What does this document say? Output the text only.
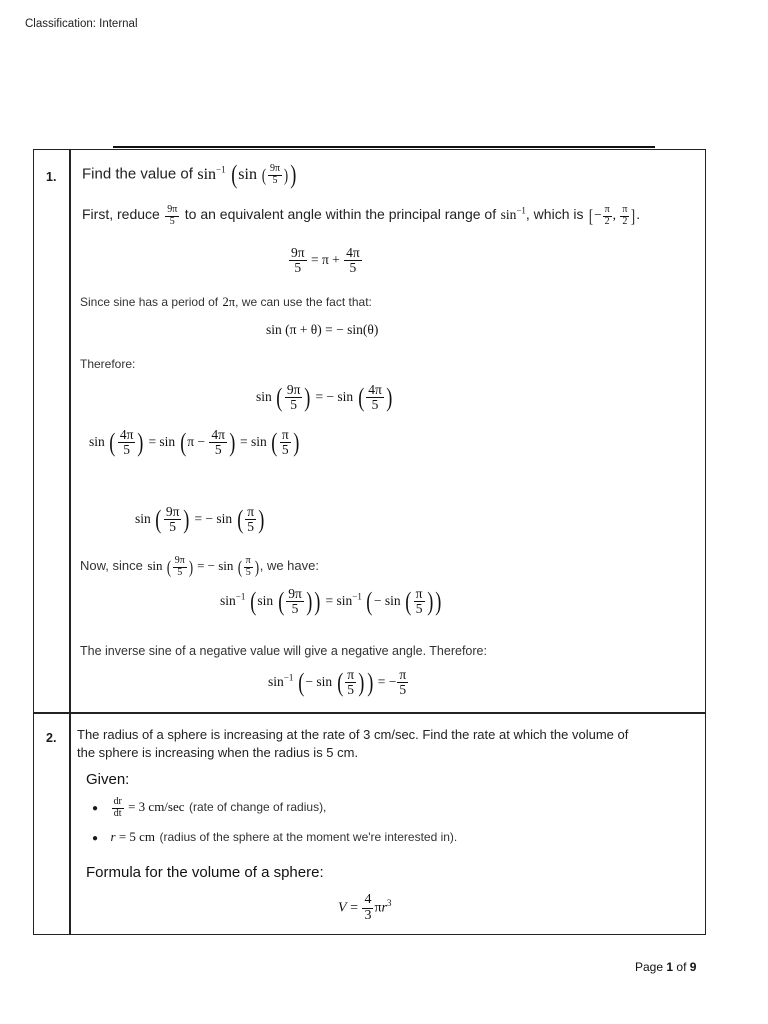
Classification: Internal
1. Find the value of $\sin^{-1} (\sin$ ( $\frac{9\pi}{5}$ ))
First, reduce $\frac{9\pi}{5}$ to an equivalent angle within the principal range of $\sin^{-1}$, which is [− $\frac{\pi}{2}$ , $\frac{\pi}{2}$ ].
$\frac{9\pi}{5} = \pi + \frac{4\pi}{5}$
Since sine has a period of 2π, we can use the fact that:
sin (π + θ) = − sin(θ)
Therefore:
sin ( $\frac{9\pi}{5}$ ) = − sin ( $\frac{4\pi}{5}$ )
sin ( $\frac{4\pi}{5}$ ) = $\sin (\pi - \frac{4\pi}{5}$ ) = sin ( $\frac{\pi}{5}$ )
sin ( $\frac{9\pi}{5}$ ) = − sin ( $\frac{\pi}{5}$ )
Now, since sin ( $\frac{9\pi}{5}$ ) = − sin ( $\frac{\pi}{5}$ ), we have:
$\sin^{-1} (\sin$ ( $\frac{9\pi}{5}$ ) ) = $\sin^{-1}$ (− sin ( $\frac{\pi}{5}$ ) )
The inverse sine of a negative value will give a negative angle. Therefore:
$\sin^{-1}$ (− sin ( $\frac{\pi}{5}$ ) ) = − $\frac{\pi}{5}$
2. The radius of a sphere is increasing at the rate of 3 cm/sec. Find the rate at which the volume of
the sphere is increasing when the radius is 5 cm.
Given:
● $\frac{dr}{dt} = 3$ cm/sec (rate of change of radius),
● r = 5 cm (radius of the sphere at the moment we're interested in).
Formula for the volume of a sphere:
$V = \frac{4}{3} \pi r^3$
Page 1 of 9
